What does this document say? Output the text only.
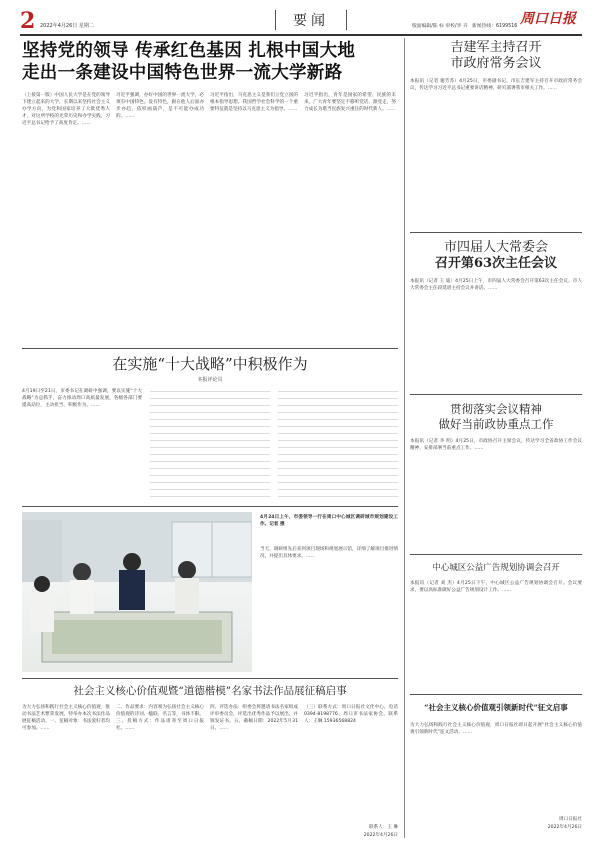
2 2022年4月26日 星期二	要闻	版面编辑/陈 标 审校/李 卉 新闻热线：6199516 周口日报
坚持党的领导 传承红色基因 扎根中国大地
走出一条建设中国特色世界一流大学新路
（上接第一版）中国人民大学是在党的领导下建立起来的大学，长期以来坚持社会主义办学方向，为党和国家培养了大批优秀人才。对这所学校的光荣历史和办学实践，习近平总书记给予了高度肯定。……
习近平强调，办好中国的世界一流大学，必须有中国特色。没有特色，跟在他人后面亦步亦趋，依样画葫芦，是不可能办成功的。……
习近平指出，马克思主义是我们立党立国的根本指导思想。我国哲学社会科学的一个重要特征就是坚持以马克思主义为指导。……
习近平指出，青年是国家的希望、民族的未来。广大青年要坚定不移听党话、跟党走，努力成长为堪当民族复兴重任的时代新人。……
吉建军主持召开
市政府常务会议
本报讯（记者 谢芳苏）4月25日，市委副书记、市长吉建军主持召开市政府常务会议，传达学习习近平总书记重要讲话精神，研究部署我市相关工作。……
市四届人大常委会
召开第63次主任会议
本报讯（记者 王 迪）4月25日上午，市四届人大常委会召开第63次主任会议。市人大常委会主任段延谱主持会议并讲话。……
贯彻落实会议精神
做好当前政协重点工作
本报讯（记者 李 明）4月25日，市政协召开主席会议，传达学习全省政协工作会议精神，安排部署当前重点工作。……
中心城区公益广告规划协调会召开
本报讯（记者 刘 杰）4月25日下午，中心城区公益广告规划协调会召开。会议要求，要以高标准做好公益广告规划设计工作。……
“社会主义核心价值观引领新时代”征文启事
为大力弘扬和践行社会主义核心价值观，周口日报社即日起开展“社会主义核心价值观引领新时代”征文活动。……
周口日报社
2022年4月26日
在实施“十大战略”中积极作为
本报评论员
4月19日至21日，市委书记在调研中强调，要以实施“十大战略”为总抓手，奋力推动周口高质量发展。各级各部门要提高站位，主动担当，积极作为。……
4月24日上午，市委领导一行在周口中心城区调研城市规划建设工作。记者 摄
当天，调研组先后来到项目现场和规划展示馆，详细了解项目推进情况，并提出具体要求。……
社会主义核心价值观暨“道德楷模”名家书法作品展征稿启事
为大力弘扬和践行社会主义核心价值观，推动书法艺术繁荣发展，特举办本次书法作品展征稿活动。一、征稿对象：书法爱好者均可参加。……
二、作品要求：内容须为弘扬社会主义核心价值观的诗词、楹联、名言等，书体不限。三、投稿方式：作品请寄至周口日报社。……
四、评选办法：组委会将邀请书法名家组成评审委员会，评选出优秀作品予以展出，并颁发证书。五、截稿日期：2022年5月31日。……
（三）联系方式：周口日报社文化中心，电话 0394-8198776，周口市书法家协会。联系人：王琳 15936568824
联系人：王 琳
2022年4月26日
